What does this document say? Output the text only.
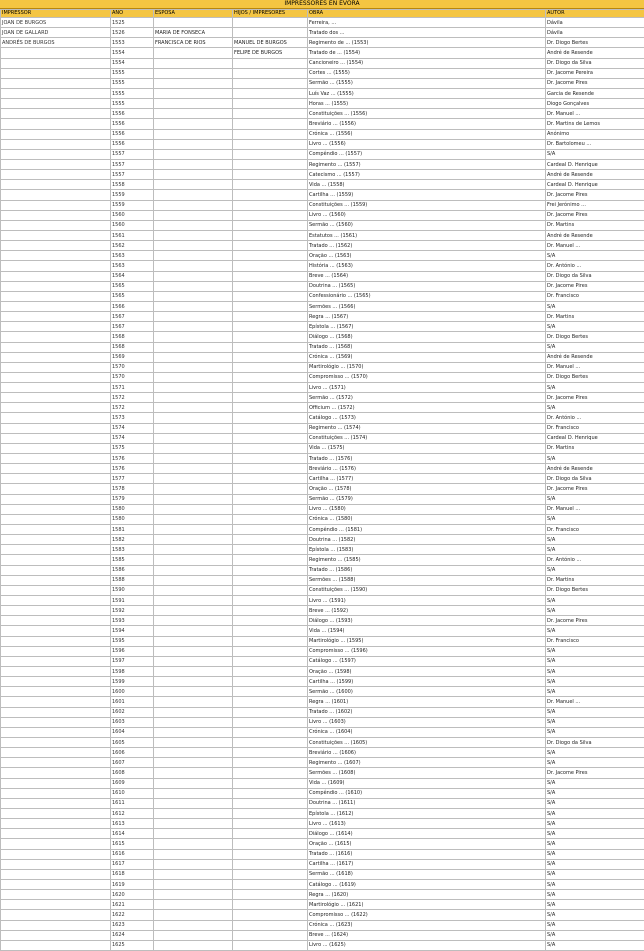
IMPRESSORES EN ÉVORA
IMPRESSOR	AÑO	ESPOSA	HIJOS / IMPRESORES	OBRA	AUTOR
JOAN DE BURGOS	1525			Ferreira, ...	Dávila
JOAN DE GALLARD	1526	MARIA DE FONSECA		Tratado dos ...	Dávila
ANDRÉS DE BURGOS	1553	FRANCISCA DE RIOS	MANUEL DE BURGOS	Regimento de ... (1553)	Dr. Diogo Bertes
	1554		FELIPE DE BURGOS	Tratado de ... (1554)	André de Resende
	1554			Cancioneiro ... (1554)	Dr. Diogo da Silva
	1555			Cortes ... (1555)	Dr. Jacome Pereira
	1555			Sermão ... (1555)	Dr. Jacome Pires
	1555			Luís Vaz ... (1555)	Garcia de Resende
	1555			Horas ... (1555)	Diogo Gonçalves
	1556			Constituições ... (1556)	Dr. Manuel ...
	1556			Breviário ... (1556)	Dr. Martins de Lemos
	1556			Crónica ... (1556)	Anónimo
	1556			Livro ... (1556)	Dr. Bartolomeu ...
	1557			Compêndio ... (1557)	S/A
	1557			Regimento ... (1557)	Cardeal D. Henrique
	1557			Catecismo ... (1557)	André de Resende
	1558			Vida ... (1558)	Cardeal D. Henrique
	1559			Cartilha ... (1559)	Dr. Jacome Pires
	1559			Constituições ... (1559)	Frei Jerónimo ...
	1560			Livro ... (1560)	Dr. Jacome Pires
	1560			Sermão ... (1560)	Dr. Martins
	1561			Estatutos ... (1561)	André de Resende
	1562			Tratado ... (1562)	Dr. Manuel ...
	1563			Oração ... (1563)	S/A
	1563			História ... (1563)	Dr. António ...
	1564			Breve ... (1564)	Dr. Diogo da Silva
	1565			Doutrina ... (1565)	Dr. Jacome Pires
	1565			Confessionário ... (1565)	Dr. Francisco
	1566			Sermões ... (1566)	S/A
	1567			Regra ... (1567)	Dr. Martins
	1567			Epístola ... (1567)	S/A
	1568			Diálogo ... (1568)	Dr. Diogo Bertes
	1568			Tratado ... (1568)	S/A
	1569			Crónica ... (1569)	André de Resende
	1570			Martirológio ... (1570)	Dr. Manuel ...
	1570			Compromisso ... (1570)	Dr. Diogo Bertes
	1571			Livro ... (1571)	S/A
	1572			Sermão ... (1572)	Dr. Jacome Pires
	1572			Officium ... (1572)	S/A
	1573			Catálogo ... (1573)	Dr. António ...
	1574			Regimento ... (1574)	Dr. Francisco
	1574			Constituições ... (1574)	Cardeal D. Henrique
	1575			Vida ... (1575)	Dr. Martins
	1576			Tratado ... (1576)	S/A
	1576			Breviário ... (1576)	André de Resende
	1577			Cartilha ... (1577)	Dr. Diogo da Silva
	1578			Oração ... (1578)	Dr. Jacome Pires
	1579			Sermão ... (1579)	S/A
	1580			Livro ... (1580)	Dr. Manuel ...
	1580			Crónica ... (1580)	S/A
	1581			Compêndio ... (1581)	Dr. Francisco
	1582			Doutrina ... (1582)	S/A
	1583			Epístola ... (1583)	S/A
	1585			Regimento ... (1585)	Dr. António ...
	1586			Tratado ... (1586)	S/A
	1588			Sermões ... (1588)	Dr. Martins
	1590			Constituições ... (1590)	Dr. Diogo Bertes
	1591			Livro ... (1591)	S/A
	1592			Breve ... (1592)	S/A
	1593			Diálogo ... (1593)	Dr. Jacome Pires
	1594			Vida ... (1594)	S/A
	1595			Martirológio ... (1595)	Dr. Francisco
	1596			Compromisso ... (1596)	S/A
	1597			Catálogo ... (1597)	S/A
	1598			Oração ... (1598)	S/A
	1599			Cartilha ... (1599)	S/A
	1600			Sermão ... (1600)	S/A
	1601			Regra ... (1601)	Dr. Manuel ...
	1602			Tratado ... (1602)	S/A
	1603			Livro ... (1603)	S/A
	1604			Crónica ... (1604)	S/A
	1605			Constituições ... (1605)	Dr. Diogo da Silva
	1606			Breviário ... (1606)	S/A
	1607			Regimento ... (1607)	S/A
	1608			Sermões ... (1608)	Dr. Jacome Pires
	1609			Vida ... (1609)	S/A
	1610			Compêndio ... (1610)	S/A
	1611			Doutrina ... (1611)	S/A
	1612			Epístola ... (1612)	S/A
	1613			Livro ... (1613)	S/A
	1614			Diálogo ... (1614)	S/A
	1615			Oração ... (1615)	S/A
	1616			Tratado ... (1616)	S/A
	1617			Cartilha ... (1617)	S/A
	1618			Sermão ... (1618)	S/A
	1619			Catálogo ... (1619)	S/A
	1620			Regra ... (1620)	S/A
	1621			Martirológio ... (1621)	S/A
	1622			Compromisso ... (1622)	S/A
	1623			Crónica ... (1623)	S/A
	1624			Breve ... (1624)	S/A
	1625			Livro ... (1625)	S/A
